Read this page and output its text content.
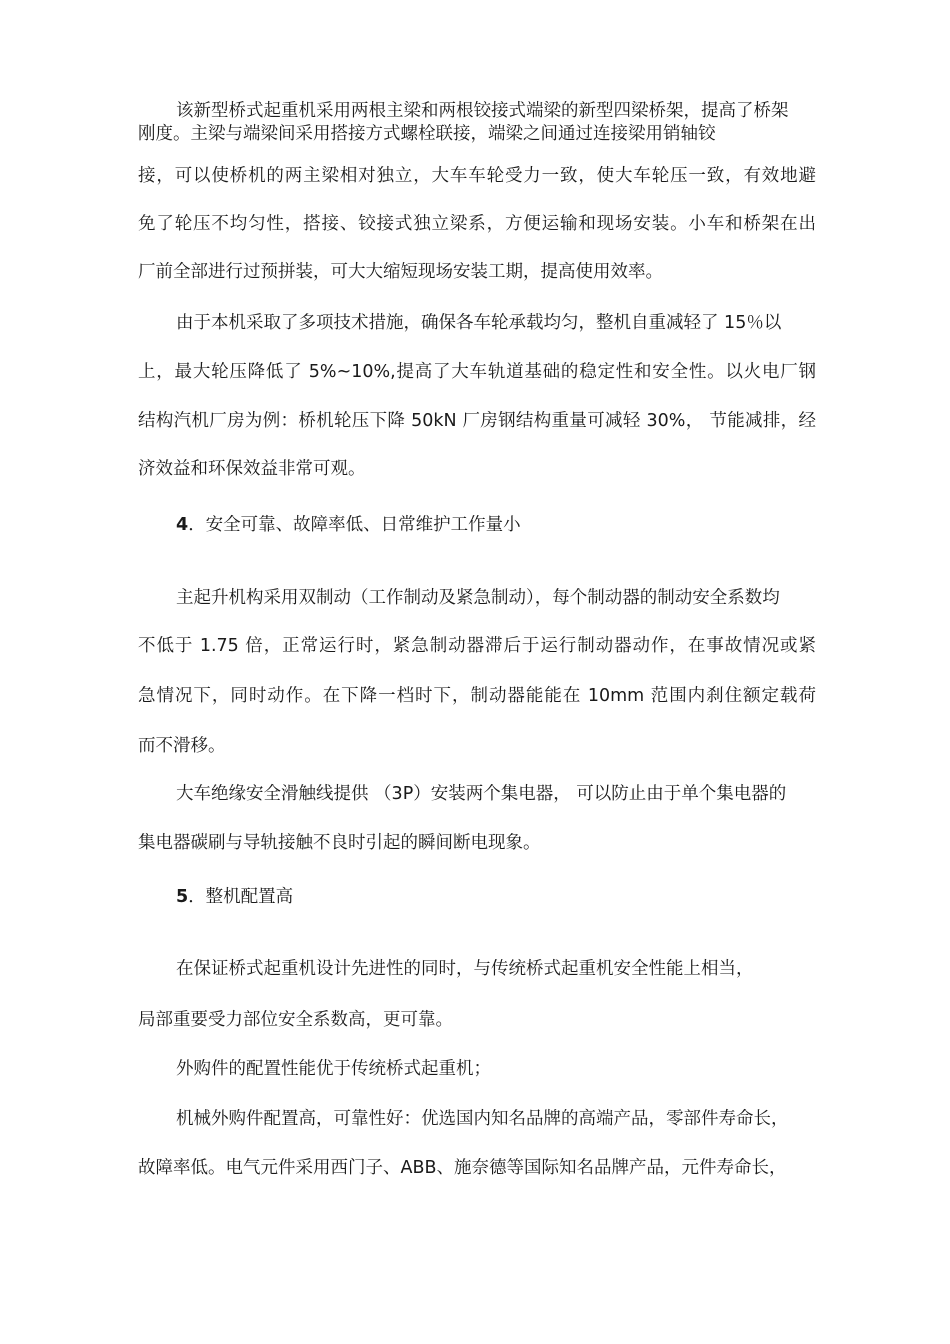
该新型桥式起重机采用两根主梁和两根铰接式端梁的新型四梁桥架，提高了桥架
刚度。主梁与端梁间采用搭接方式螺栓联接，端梁之间通过连接梁用销轴铰
接，可以使桥机的两主梁相对独立，大车车轮受力一致，使大车轮压一致，有效地避
免了轮压不均匀性，搭接、铰接式独立梁系，方便运输和现场安装。小车和桥架在出
厂前全部进行过预拼装，可大大缩短现场安装工期，提高使用效率。
由于本机采取了多项技术措施，确保各车轮承载均匀，整机自重减轻了 15％以
上，最大轮压降低了 5%~10%,提高了大车轨道基础的稳定性和安全性。以火电厂钢
结构汽机厂房为例：桥机轮压下降 50kN 厂房钢结构重量可减轻 30%， 节能减排，经
济效益和环保效益非常可观。
4．安全可靠、故障率低、日常维护工作量小
主起升机构采用双制动（工作制动及紧急制动），每个制动器的制动安全系数均
不低于 1.75 倍，正常运行时，紧急制动器滞后于运行制动器动作，在事故情况或紧
急情况下，同时动作。在下降一档时下，制动器能能在 10mm 范围内刹住额定载荷
而不滑移。
大车绝缘安全滑触线提供 （3P）安装两个集电器， 可以防止由于单个集电器的
集电器碳刷与导轨接触不良时引起的瞬间断电现象。
5．整机配置高
在保证桥式起重机设计先进性的同时，与传统桥式起重机安全性能上相当，
局部重要受力部位安全系数高，更可靠。
外购件的配置性能优于传统桥式起重机；
机械外购件配置高，可靠性好：优选国内知名品牌的高端产品，零部件寿命长，
故障率低。电气元件采用西门子、ABB、施奈德等国际知名品牌产品，元件寿命长，
